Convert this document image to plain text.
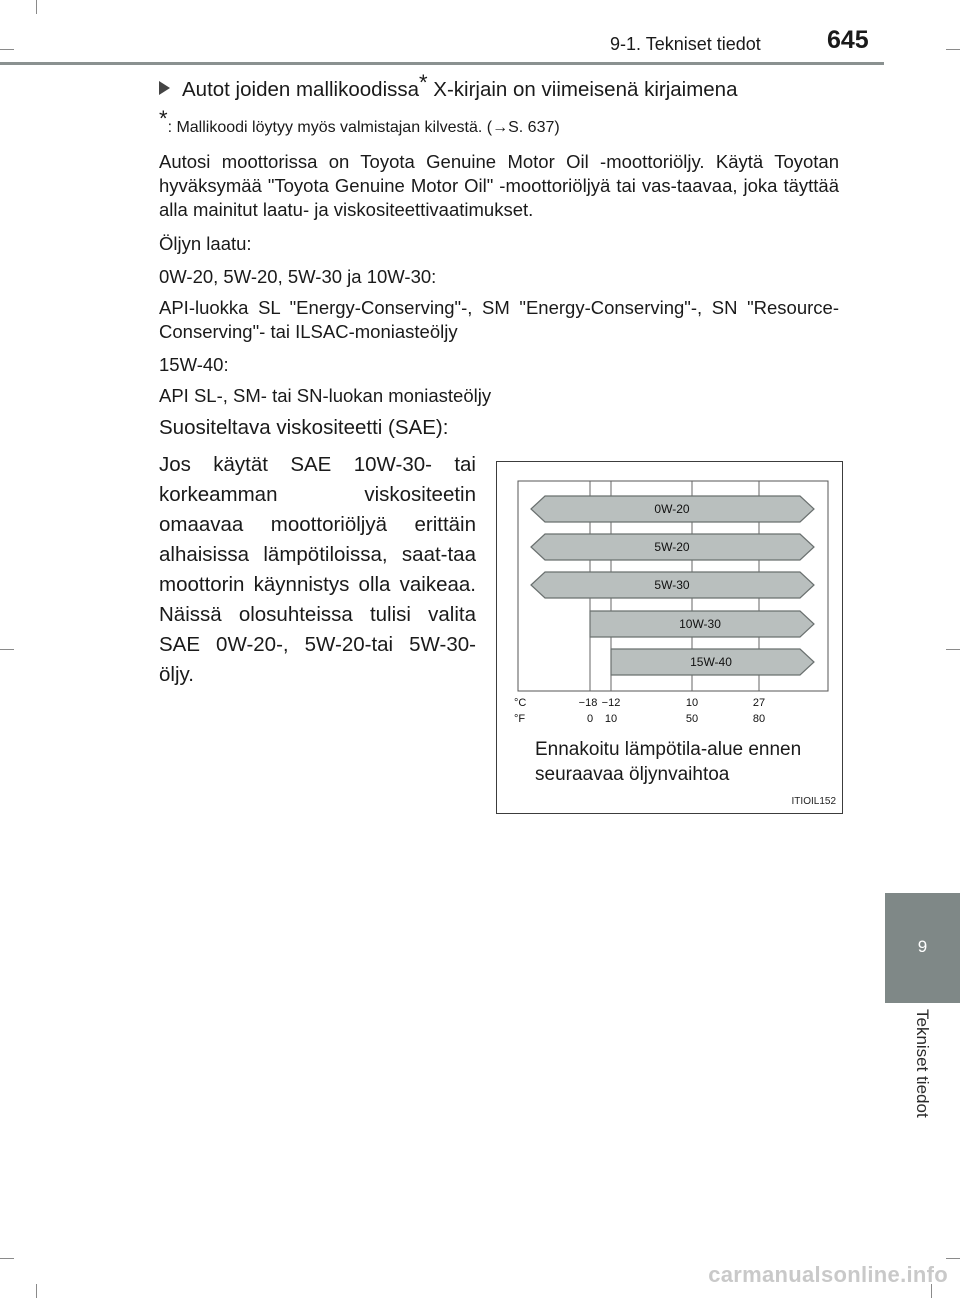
9-1. Tekniset tiedot	645
9
Tekniset tiedot
Autot joiden mallikoodissa* X-kirjain on viimeisenä kirjaimena
*: Mallikoodi löytyy myös valmistajan kilvestä. (→S. 637)
Autosi moottorissa on Toyota Genuine Motor Oil -moottoriöljy. Käytä Toyotan hyväksymää "Toyota Genuine Motor Oil" -moottoriöljyä tai vas-taavaa, joka täyttää alla mainitut laatu- ja viskositeettivaatimukset.
Öljyn laatu:
0W-20, 5W-20, 5W-30 ja 10W-30:
API-luokka SL "Energy-Conserving"-, SM "Energy-Conserving"-, SN "Resource-Conserving"- tai ILSAC-moniasteöljy
15W-40:
API SL-, SM- tai SN-luokan moniasteöljy
Suositeltava viskositeetti (SAE):

Jos käytät SAE 10W-30- tai korkeamman viskositeetin omaavaa moottoriöljyä erittäin alhaisissa lämpötiloissa, saat-taa moottorin käynnistys olla vaikeaa. Näissä olosuhteissa tulisi valita SAE 0W-20-, 5W-20-tai 5W-30-öljy.

0W-20
5W-20
5W-30
10W-30
15W-40
°C
°F
−18 −12	10	27
0 10	50	80
Ennakoitu lämpötila-alue ennen
seuraavaa öljynvaihtoa
ITIOIL152
carmanualsonline.info
